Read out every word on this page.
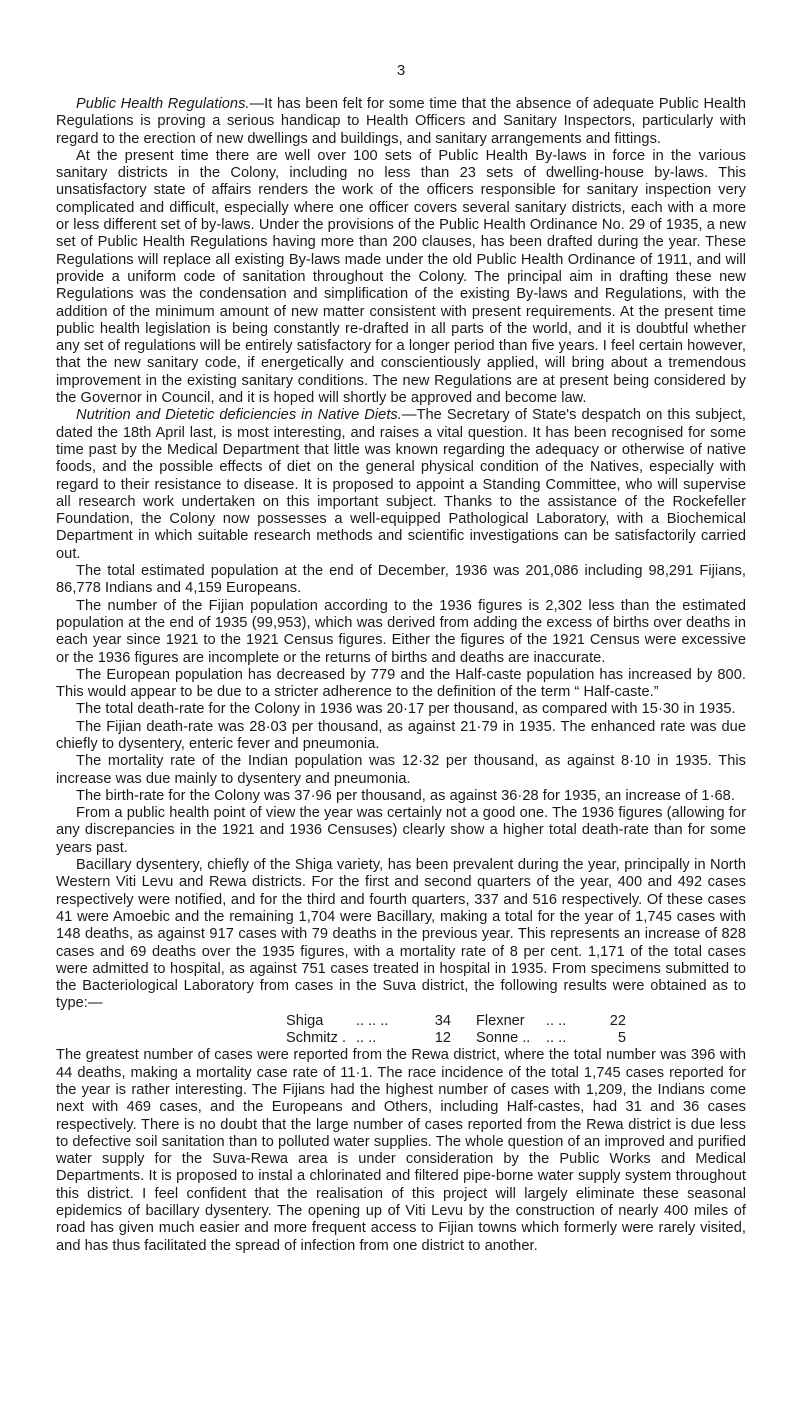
3

Public Health Regulations.—It has been felt for some time that the absence of adequate Public Health Regulations is proving a serious handicap to Health Officers and Sanitary Inspectors, particularly with regard to the erection of new dwellings and buildings, and sanitary arrangements and fittings.

At the present time there are well over 100 sets of Public Health By-laws in force in the various sanitary districts in the Colony, including no less than 23 sets of dwelling-house by-laws. This unsatisfactory state of affairs renders the work of the officers responsible for sanitary inspection very complicated and difficult, especially where one officer covers several sanitary districts, each with a more or less different set of by-laws. Under the provisions of the Public Health Ordinance No. 29 of 1935, a new set of Public Health Regulations having more than 200 clauses, has been drafted during the year. These Regulations will replace all existing By-laws made under the old Public Health Ordinance of 1911, and will provide a uniform code of sanitation throughout the Colony. The principal aim in drafting these new Regulations was the condensation and simplification of the existing By-laws and Regulations, with the addition of the minimum amount of new matter consistent with present requirements. At the present time public health legislation is being constantly re-drafted in all parts of the world, and it is doubtful whether any set of regulations will be entirely satisfactory for a longer period than five years. I feel certain however, that the new sanitary code, if energetically and conscientiously applied, will bring about a tremendous improvement in the existing sanitary conditions. The new Regulations are at present being considered by the Governor in Council, and it is hoped will shortly be approved and become law.

Nutrition and Dietetic deficiencies in Native Diets.—The Secretary of State's despatch on this subject, dated the 18th April last, is most interesting, and raises a vital question. It has been recognised for some time past by the Medical Department that little was known regarding the adequacy or otherwise of native foods, and the possible effects of diet on the general physical condition of the Natives, especially with regard to their resistance to disease. It is proposed to appoint a Standing Committee, who will supervise all research work undertaken on this important subject. Thanks to the assistance of the Rockefeller Foundation, the Colony now possesses a well-equipped Pathological Laboratory, with a Biochemical Department in which suitable research methods and scientific investigations can be satisfactorily carried out.

The total estimated population at the end of December, 1936 was 201,086 including 98,291 Fijians, 86,778 Indians and 4,159 Europeans.

The number of the Fijian population according to the 1936 figures is 2,302 less than the estimated population at the end of 1935 (99,953), which was derived from adding the excess of births over deaths in each year since 1921 to the 1921 Census figures. Either the figures of the 1921 Census were excessive or the 1936 figures are incomplete or the returns of births and deaths are inaccurate.

The European population has decreased by 779 and the Half-caste population has increased by 800. This would appear to be due to a stricter adherence to the definition of the term “ Half-caste.”

The total death-rate for the Colony in 1936 was 20·17 per thousand, as compared with 15·30 in 1935.

The Fijian death-rate was 28·03 per thousand, as against 21·79 in 1935. The enhanced rate was due chiefly to dysentery, enteric fever and pneumonia.

The mortality rate of the Indian population was 12·32 per thousand, as against 8·10 in 1935. This increase was due mainly to dysentery and pneumonia.

The birth-rate for the Colony was 37·96 per thousand, as against 36·28 for 1935, an increase of 1·68.

From a public health point of view the year was certainly not a good one. The 1936 figures (allowing for any discrepancies in the 1921 and 1936 Censuses) clearly show a higher total death-rate than for some years past.

Bacillary dysentery, chiefly of the Shiga variety, has been prevalent during the year, principally in North Western Viti Levu and Rewa districts. For the first and second quarters of the year, 400 and 492 cases respectively were notified, and for the third and fourth quarters, 337 and 516 respectively. Of these cases 41 were Amoebic and the remaining 1,704 were Bacillary, making a total for the year of 1,745 cases with 148 deaths, as against 917 cases with 79 deaths in the previous year. This represents an increase of 828 cases and 69 deaths over the 1935 figures, with a mortality rate of 8 per cent. 1,171 of the total cases were admitted to hospital, as against 751 cases treated in hospital in 1935. From specimens submitted to the Bacteriological Laboratory from cases in the Suva district, the following results were obtained as to type:—

Shiga	.. .. ..	34	Flexner	.. ..	22
Schmitz . .. ..	12	Sonne ..	.. ..	5

The greatest number of cases were reported from the Rewa district, where the total number was 396 with 44 deaths, making a mortality case rate of 11·1. The race incidence of the total 1,745 cases reported for the year is rather interesting. The Fijians had the highest number of cases with 1,209, the Indians come next with 469 cases, and the Europeans and Others, including Half-castes, had 31 and 36 cases respectively. There is no doubt that the large number of cases reported from the Rewa district is due less to defective soil sanitation than to polluted water supplies. The whole question of an improved and purified water supply for the Suva-Rewa area is under consideration by the Public Works and Medical Departments. It is proposed to instal a chlorinated and filtered pipe-borne water supply system throughout this district. I feel confident that the realisation of this project will largely eliminate these seasonal epidemics of bacillary dysentery. The opening up of Viti Levu by the construction of nearly 400 miles of road has given much easier and more frequent access to Fijian towns which formerly were rarely visited, and has thus facilitated the spread of infection from one district to another.
